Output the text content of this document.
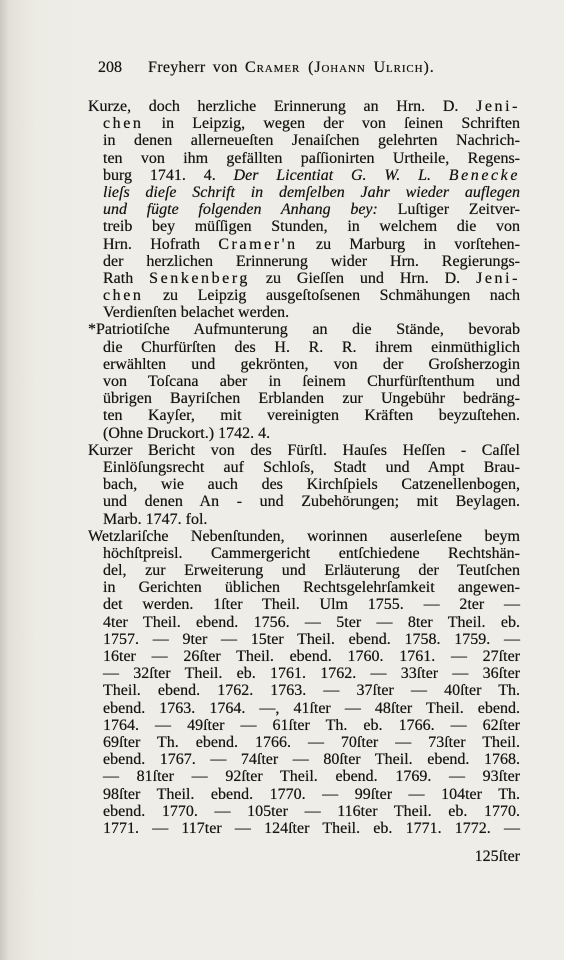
208 Freyherr von Cramer (Johann Ulrich).
Kurze, doch herzliche Erinnerung an Hrn. D. Jeni-
chen in Leipzig, wegen der von ſeinen Schriften
in denen allerneueſten Jenaiſchen gelehrten Nachrich-
ten von ihm gefällten paſſionirten Urtheile, Regens-
burg 1741. 4. Der Licentiat G. W. L. Benecke
lieſs dieſe Schrift in demſelben Jahr wieder auflegen
und fügte folgenden Anhang bey: Luſtiger Zeitver-
treib bey müſſigen Stunden, in welchem die von
Hrn. Hofrath Cramer'n zu Marburg in vorſtehen-
der herzlichen Erinnerung wider Hrn. Regierungs-
Rath Senkenberg zu Gieſſen und Hrn. D. Jeni-
chen zu Leipzig ausgeſtoſsenen Schmähungen nach
Verdienſten belachet werden.
*Patriotiſche Aufmunterung an die Stände, bevorab
die Churfürſten des H. R. R. ihrem einmüthiglich
erwählten und gekrönten, von der Groſsherzogin
von Toſcana aber in ſeinem Churfürſtenthum und
übrigen Bayriſchen Erblanden zur Ungebühr bedräng-
ten Kayſer, mit vereinigten Kräften beyzuſtehen.
(Ohne Druckort.) 1742. 4.
Kurzer Bericht von des Fürſtl. Hauſes Heſſen - Caſſel
Einlöſungsrecht auf Schloſs, Stadt und Ampt Brau-
bach, wie auch des Kirchſpiels Catzenellenbogen,
und denen An - und Zubehörungen; mit Beylagen.
Marb. 1747. fol.
Wetzlariſche Nebenſtunden, worinnen auserleſene beym
höchſtpreisl. Cammergericht entſchiedene Rechtshän-
del, zur Erweiterung und Erläuterung der Teutſchen
in Gerichten üblichen Rechtsgelehrſamkeit angewen-
det werden. 1ſter Theil. Ulm 1755. — 2ter —
4ter Theil. ebend. 1756. — 5ter — 8ter Theil. eb.
1757. — 9ter — 15ter Theil. ebend. 1758. 1759. —
16ter — 26ſter Theil. ebend. 1760. 1761. — 27ſter
— 32ſter Theil. eb. 1761. 1762. — 33ſter — 36ſter
Theil. ebend. 1762. 1763. — 37ſter — 40ſter Th.
ebend. 1763. 1764. —, 41ſter — 48ſter Theil. ebend.
1764. — 49ſter — 61ſter Th. eb. 1766. — 62ſter
69ſter Th. ebend. 1766. — 70ſter — 73ſter Theil.
ebend. 1767. — 74ſter — 80ſter Theil. ebend. 1768.
— 81ſter — 92ſter Theil. ebend. 1769. — 93ſter
98ſter Theil. ebend. 1770. — 99ſter — 104ter Th.
ebend. 1770. — 105ter — 116ter Theil. eb. 1770.
1771. — 117ter — 124ſter Theil. eb. 1771. 1772. —
125ſter
